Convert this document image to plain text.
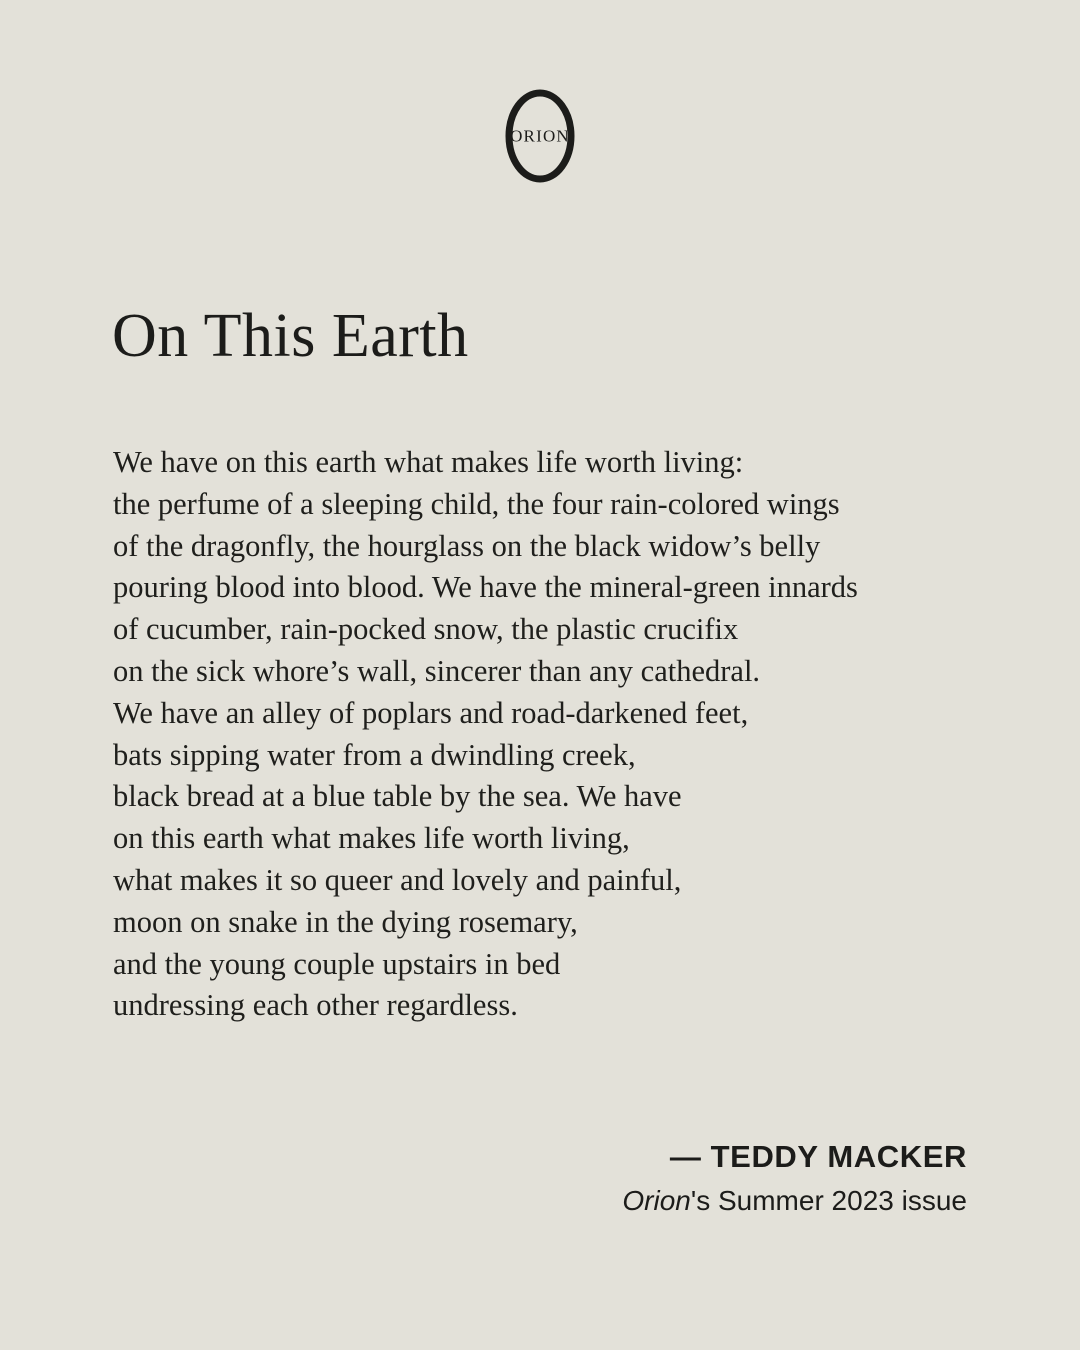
ORION
On This Earth
We have on this earth what makes life worth living:
the perfume of a sleeping child, the four rain-colored wings
of the dragonfly, the hourglass on the black widow’s belly
pouring blood into blood. We have the mineral-green innards
of cucumber, rain-pocked snow, the plastic crucifix
on the sick whore’s wall, sincerer than any cathedral.
We have an alley of poplars and road-darkened feet,
bats sipping water from a dwindling creek,
black bread at a blue table by the sea. We have
on this earth what makes life worth living,
what makes it so queer and lovely and painful,
moon on snake in the dying rosemary,
and the young couple upstairs in bed
undressing each other regardless.

— TEDDY MACKER

Orion's Summer 2023 issue
